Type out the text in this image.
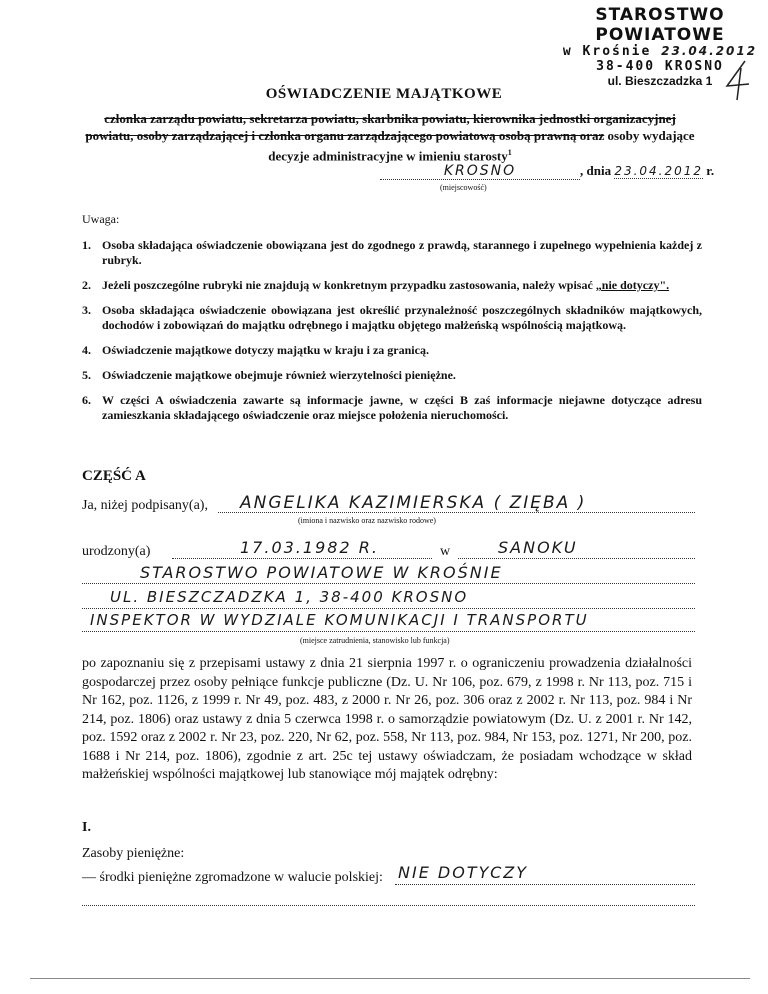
STAROSTWO POWIATOWE
w Krośnie 23.04.2012
38-400 KROSNO
ul. Bieszczadzka 1
OŚWIADCZENIE MAJĄTKOWE
członka zarządu powiatu, sekretarza powiatu, skarbnika powiatu, kierownika jednostki organizacyjnej powiatu, osoby zarządzającej i członka organu zarządzającego powiatową osobą prawną oraz osoby wydające decyzje administracyjne w imieniu starosty$^1$
KROSNO
(miejscowość)
, dnia 23.04.2012 r.
Uwaga:
1. Osoba składająca oświadczenie obowiązana jest do zgodnego z prawdą, starannego i zupełnego wypełnienia każdej z rubryk.
2. Jeżeli poszczególne rubryki nie znajdują w konkretnym przypadku zastosowania, należy wpisać „nie dotyczy".
3. Osoba składająca oświadczenie obowiązana jest określić przynależność poszczególnych składników majątkowych, dochodów i zobowiązań do majątku odrębnego i majątku objętego małżeńską wspólnością majątkową.
4. Oświadczenie majątkowe dotyczy majątku w kraju i za granicą.
5. Oświadczenie majątkowe obejmuje również wierzytelności pieniężne.
6. W części A oświadczenia zawarte są informacje jawne, w części B zaś informacje niejawne dotyczące adresu zamieszkania składającego oświadczenie oraz miejsce położenia nieruchomości.
CZĘŚĆ A
Ja, niżej podpisany(a), ANGELIKA KAZIMIERSKA ( ZIĘBA )
(imiona i nazwisko oraz nazwisko rodowe)
urodzony(a)	17.03.1982 R.	w	SANOKU
STAROSTWO POWIATOWE W KROŚNIE
UL. BIESZCZADZKA 1, 38-400 KROSNO
INSPEKTOR W WYDZIALE KOMUNIKACJI I TRANSPORTU
(miejsce zatrudnienia, stanowisko lub funkcja)
po zapoznaniu się z przepisami ustawy z dnia 21 sierpnia 1997 r. o ograniczeniu prowadzenia działalności gospodarczej przez osoby pełniące funkcje publiczne (Dz. U. Nr 106, poz. 679, z 1998 r. Nr 113, poz. 715 i Nr 162, poz. 1126, z 1999 r. Nr 49, poz. 483, z 2000 r. Nr 26, poz. 306 oraz z 2002 r. Nr 113, poz. 984 i Nr 214, poz. 1806) oraz ustawy z dnia 5 czerwca 1998 r. o samorządzie powiatowym (Dz. U. z 2001 r. Nr 142, poz. 1592 oraz z 2002 r. Nr 23, poz. 220, Nr 62, poz. 558, Nr 113, poz. 984, Nr 153, poz. 1271, Nr 200, poz. 1688 i Nr 214, poz. 1806), zgodnie z art. 25c tej ustawy oświadczam, że posiadam wchodzące w skład małżeńskiej wspólności majątkowej lub stanowiące mój majątek odrębny:
I.
Zasoby pieniężne:
— środki pieniężne zgromadzone w walucie polskiej: NIE DOTYCZY
